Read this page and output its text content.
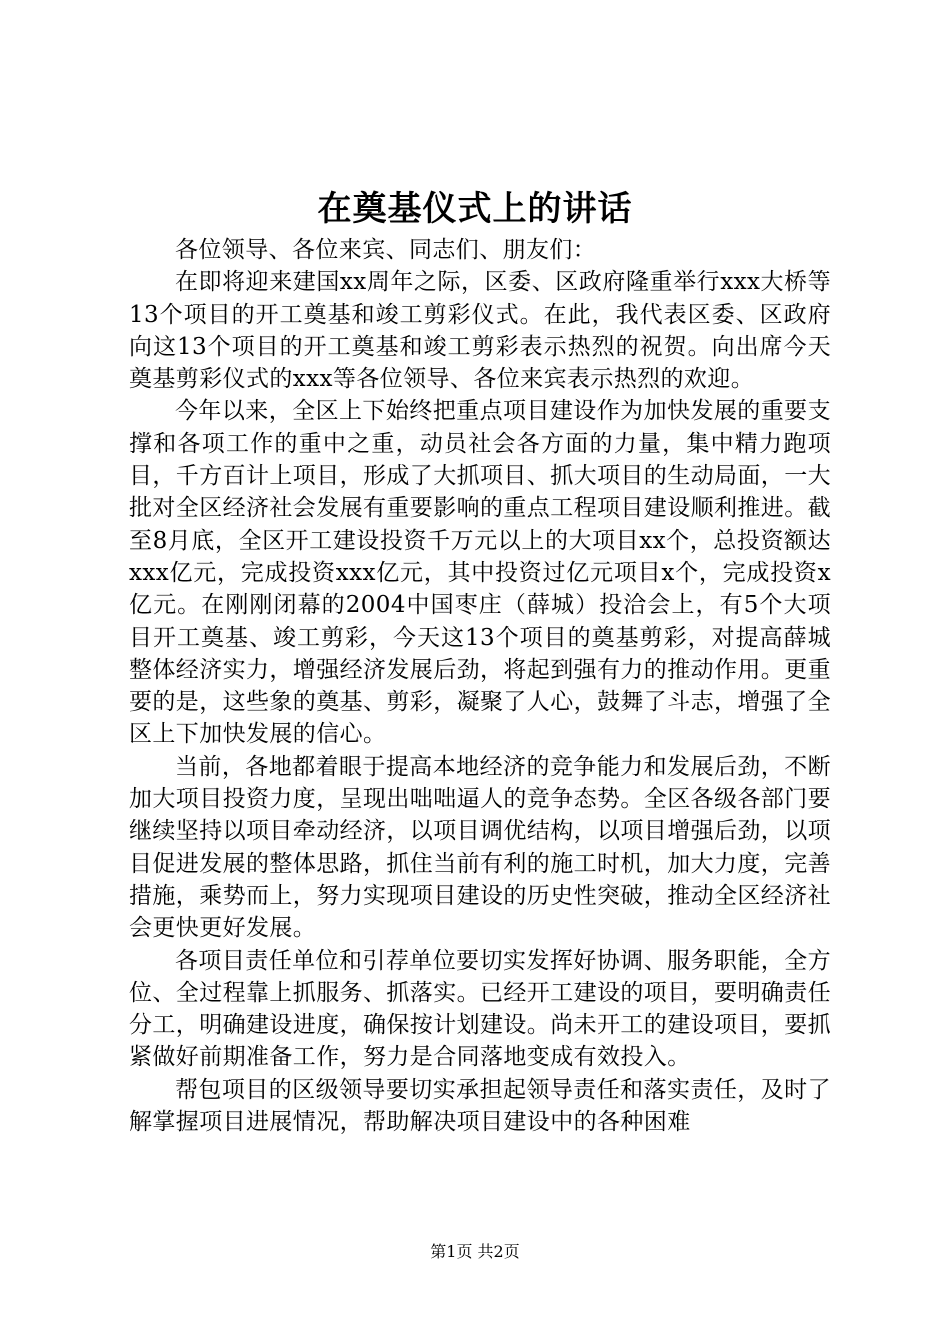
在奠基仪式上的讲话

各位领导、各位来宾、同志们、朋友们：

在即将迎来建国xx周年之际，区委、区政府隆重举行xxx大桥等13个项目的开工奠基和竣工剪彩仪式。在此，我代表区委、区政府向这13个项目的开工奠基和竣工剪彩表示热烈的祝贺。向出席今天奠基剪彩仪式的xxx等各位领导、各位来宾表示热烈的欢迎。

今年以来，全区上下始终把重点项目建设作为加快发展的重要支撑和各项工作的重中之重，动员社会各方面的力量，集中精力跑项目，千方百计上项目，形成了大抓项目、抓大项目的生动局面，一大批对全区经济社会发展有重要影响的重点工程项目建设顺利推进。截至8月底，全区开工建设投资千万元以上的大项目xx个，总投资额达xxx亿元，完成投资xxx亿元，其中投资过亿元项目x个，完成投资x亿元。在刚刚闭幕的2004中国枣庄（薛城）投洽会上，有5个大项目开工奠基、竣工剪彩，今天这13个项目的奠基剪彩，对提高薛城整体经济实力，增强经济发展后劲，将起到强有力的推动作用。更重要的是，这些象的奠基、剪彩，凝聚了人心，鼓舞了斗志，增强了全区上下加快发展的信心。

当前，各地都着眼于提高本地经济的竞争能力和发展后劲，不断加大项目投资力度，呈现出咄咄逼人的竞争态势。全区各级各部门要继续坚持以项目牵动经济，以项目调优结构，以项目增强后劲，以项目促进发展的整体思路，抓住当前有利的施工时机，加大力度，完善措施，乘势而上，努力实现项目建设的历史性突破，推动全区经济社会更快更好发展。

各项目责任单位和引荐单位要切实发挥好协调、服务职能，全方位、全过程靠上抓服务、抓落实。已经开工建设的项目，要明确责任分工，明确建设进度，确保按计划建设。尚未开工的建设项目，要抓紧做好前期准备工作，努力是合同落地变成有效投入。

帮包项目的区级领导要切实承担起领导责任和落实责任，及时了解掌握项目进展情况，帮助解决项目建设中的各种困难

第1页 共2页
